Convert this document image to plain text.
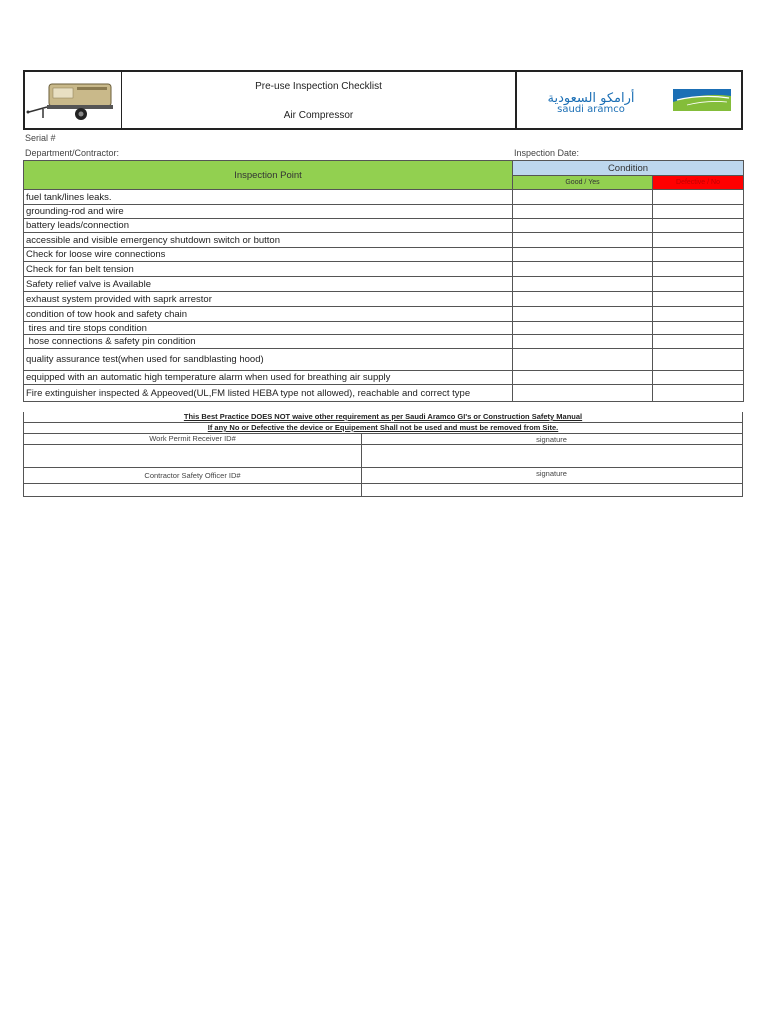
Pre-use Inspection Checklist
Air Compressor
أرامكو السعودية
saudi aramco
Serial #
Department/Contractor:	Inspection Date:
Inspection Point	Condition	
	Good / Yes	Defective / No
fuel tank/lines leaks.		
grounding-rod and wire		
battery leads/connection		
accessible and visible emergency shutdown switch or button		
Check for loose wire connections		
Check for fan belt tension		
Safety relief valve is Available		
exhaust system provided with saprk arrestor		
condition of tow hook and safety chain		
tires and tire stops condition		
hose connections & safety pin condition		
quality assurance test(when used for sandblasting hood)		
equipped with an automatic high temperature alarm when used for breathing air supply		
Fire extinguisher inspected & Appeoved(UL,FM listed HEBA type not allowed), reachable and correct type		
This Best Practice DOES NOT waive other requirement as per Saudi Aramco GI's or Construction Safety Manual
If any No or Defective the device or Equipement Shall not be used and must be removed from Site.
Work Permit Receiver ID#	signature
Contractor Safety Officer ID#	signature
